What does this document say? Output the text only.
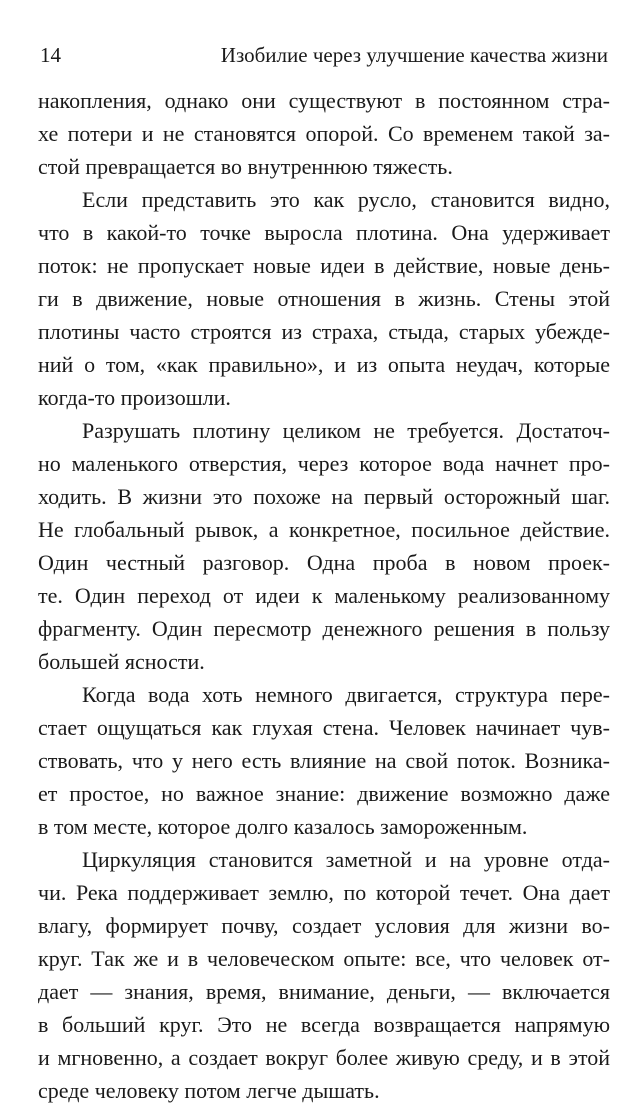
14	Изобилие через улучшение качества жизни
накопления, однако они существуют в постоянном стра-
хе потери и не становятся опорой. Со временем такой за-
стой превращается во внутреннюю тяжесть.
Если представить это как русло, становится видно,
что в какой-то точке выросла плотина. Она удерживает
поток: не пропускает новые идеи в действие, новые день-
ги в движение, новые отношения в жизнь. Стены этой
плотины часто строятся из страха, стыда, старых убежде-
ний о том, «как правильно», и из опыта неудач, которые
когда-то произошли.
Разрушать плотину целиком не требуется. Достаточ-
но маленького отверстия, через которое вода начнет про-
ходить. В жизни это похоже на первый осторожный шаг.
Не глобальный рывок, а конкретное, посильное действие.
Один честный разговор. Одна проба в новом проек-
те. Один переход от идеи к маленькому реализованному
фрагменту. Один пересмотр денежного решения в пользу
большей ясности.
Когда вода хоть немного двигается, структура пере-
стает ощущаться как глухая стена. Человек начинает чув-
ствовать, что у него есть влияние на свой поток. Возника-
ет простое, но важное знание: движение возможно даже
в том месте, которое долго казалось замороженным.
Циркуляция становится заметной и на уровне отда-
чи. Река поддерживает землю, по которой течет. Она дает
влагу, формирует почву, создает условия для жизни во-
круг. Так же и в человеческом опыте: все, что человек от-
дает — знания, время, внимание, деньги, — включается
в больший круг. Это не всегда возвращается напрямую
и мгновенно, а создает вокруг более живую среду, и в этой
среде человеку потом легче дышать.
